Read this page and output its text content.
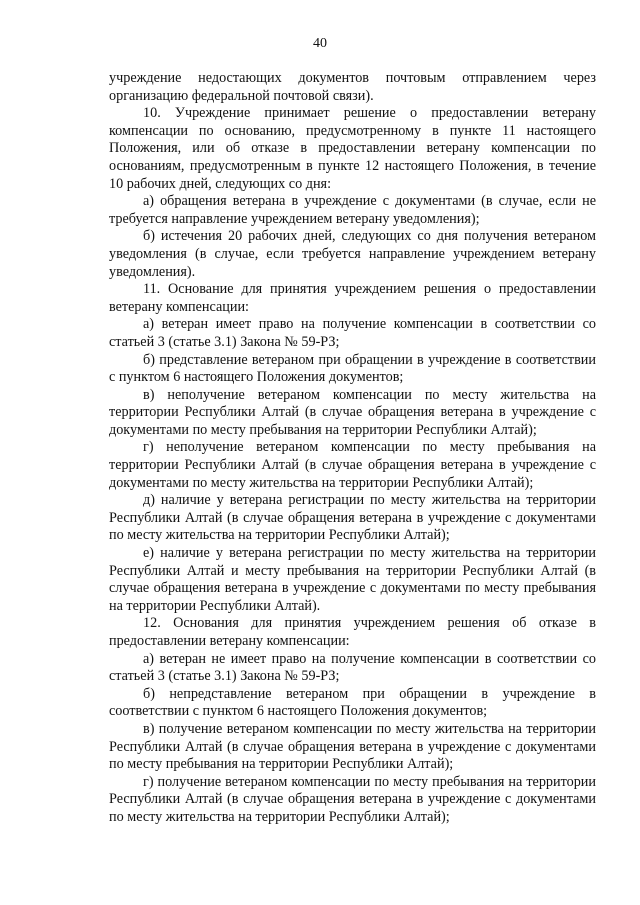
40

учреждение недостающих документов почтовым отправлением через организацию федеральной почтовой связи).

10. Учреждение принимает решение о предоставлении ветерану компенсации по основанию, предусмотренному в пункте 11 настоящего Положения, или об отказе в предоставлении ветерану компенсации по основаниям, предусмотренным в пункте 12 настоящего Положения, в течение 10 рабочих дней, следующих со дня:

а) обращения ветерана в учреждение с документами (в случае, если не требуется направление учреждением ветерану уведомления);

б) истечения 20 рабочих дней, следующих со дня получения ветераном уведомления (в случае, если требуется направление учреждением ветерану уведомления).

11. Основание для принятия учреждением решения о предоставлении ветерану компенсации:

а) ветеран имеет право на получение компенсации в соответствии со статьей 3 (статье 3.1) Закона № 59-РЗ;

б) представление ветераном при обращении в учреждение в соответствии с пунктом 6 настоящего Положения документов;

в) неполучение ветераном компенсации по месту жительства на территории Республики Алтай (в случае обращения ветерана в учреждение с документами по месту пребывания на территории Республики Алтай);

г) неполучение ветераном компенсации по месту пребывания на территории Республики Алтай (в случае обращения ветерана в учреждение с документами по месту жительства на территории Республики Алтай);

д) наличие у ветерана регистрации по месту жительства на территории Республики Алтай (в случае обращения ветерана в учреждение с документами по месту жительства на территории Республики Алтай);

е) наличие у ветерана регистрации по месту жительства на территории Республики Алтай и месту пребывания на территории Республики Алтай (в случае обращения ветерана в учреждение с документами по месту пребывания на территории Республики Алтай).

12. Основания для принятия учреждением решения об отказе в предоставлении ветерану компенсации:

а) ветеран не имеет право на получение компенсации в соответствии со статьей 3 (статье 3.1) Закона № 59-РЗ;

б) непредставление ветераном при обращении в учреждение в соответствии с пунктом 6 настоящего Положения документов;

в) получение ветераном компенсации по месту жительства на территории Республики Алтай (в случае обращения ветерана в учреждение с документами по месту пребывания на территории Республики Алтай);

г) получение ветераном компенсации по месту пребывания на территории Республики Алтай (в случае обращения ветерана в учреждение с документами по месту жительства на территории Республики Алтай);
